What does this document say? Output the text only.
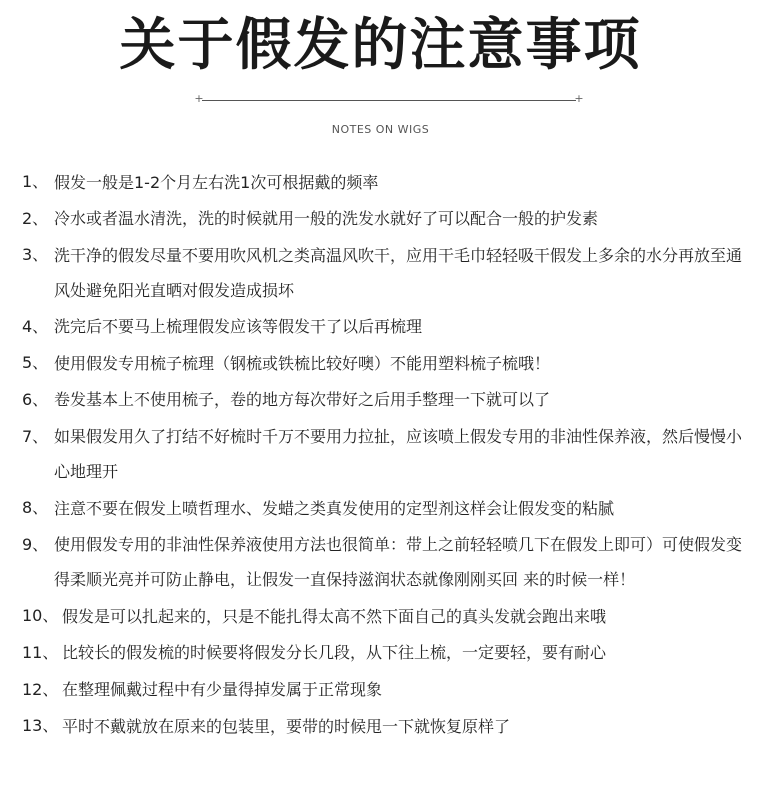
关于假发的注意事项
+	+
NOTES ON WIGS
1、 假发一般是1-2个月左右洗1次可根据戴的频率
2、 冷水或者温水清洗，洗的时候就用一般的洗发水就好了可以配合一般的护发素
3、 洗干净的假发尽量不要用吹风机之类高温风吹干，应用干毛巾轻轻吸干假发上多余的水分再放至通风处避免阳光直晒对假发造成损坏
4、 洗完后不要马上梳理假发应该等假发干了以后再梳理
5、 使用假发专用梳子梳理（钢梳或铁梳比较好噢）不能用塑料梳子梳哦！
6、 卷发基本上不使用梳子，卷的地方每次带好之后用手整理一下就可以了
7、 如果假发用久了打结不好梳时千万不要用力拉扯，应该喷上假发专用的非油性保养液，然后慢慢小心地理开
8、 注意不要在假发上喷哲理水、发蜡之类真发使用的定型剂这样会让假发变的粘腻
9、 使用假发专用的非油性保养液使用方法也很简单：带上之前轻轻喷几下在假发上即可）可使假发变得柔顺光亮并可防止静电，让假发一直保持滋润状态就像刚刚买回 来的时候一样！
10、 假发是可以扎起来的，只是不能扎得太高不然下面自己的真头发就会跑出来哦
11、 比较长的假发梳的时候要将假发分长几段，从下往上梳，一定要轻，要有耐心
12、 在整理佩戴过程中有少量得掉发属于正常现象
13、 平时不戴就放在原来的包装里，要带的时候甩一下就恢复原样了
